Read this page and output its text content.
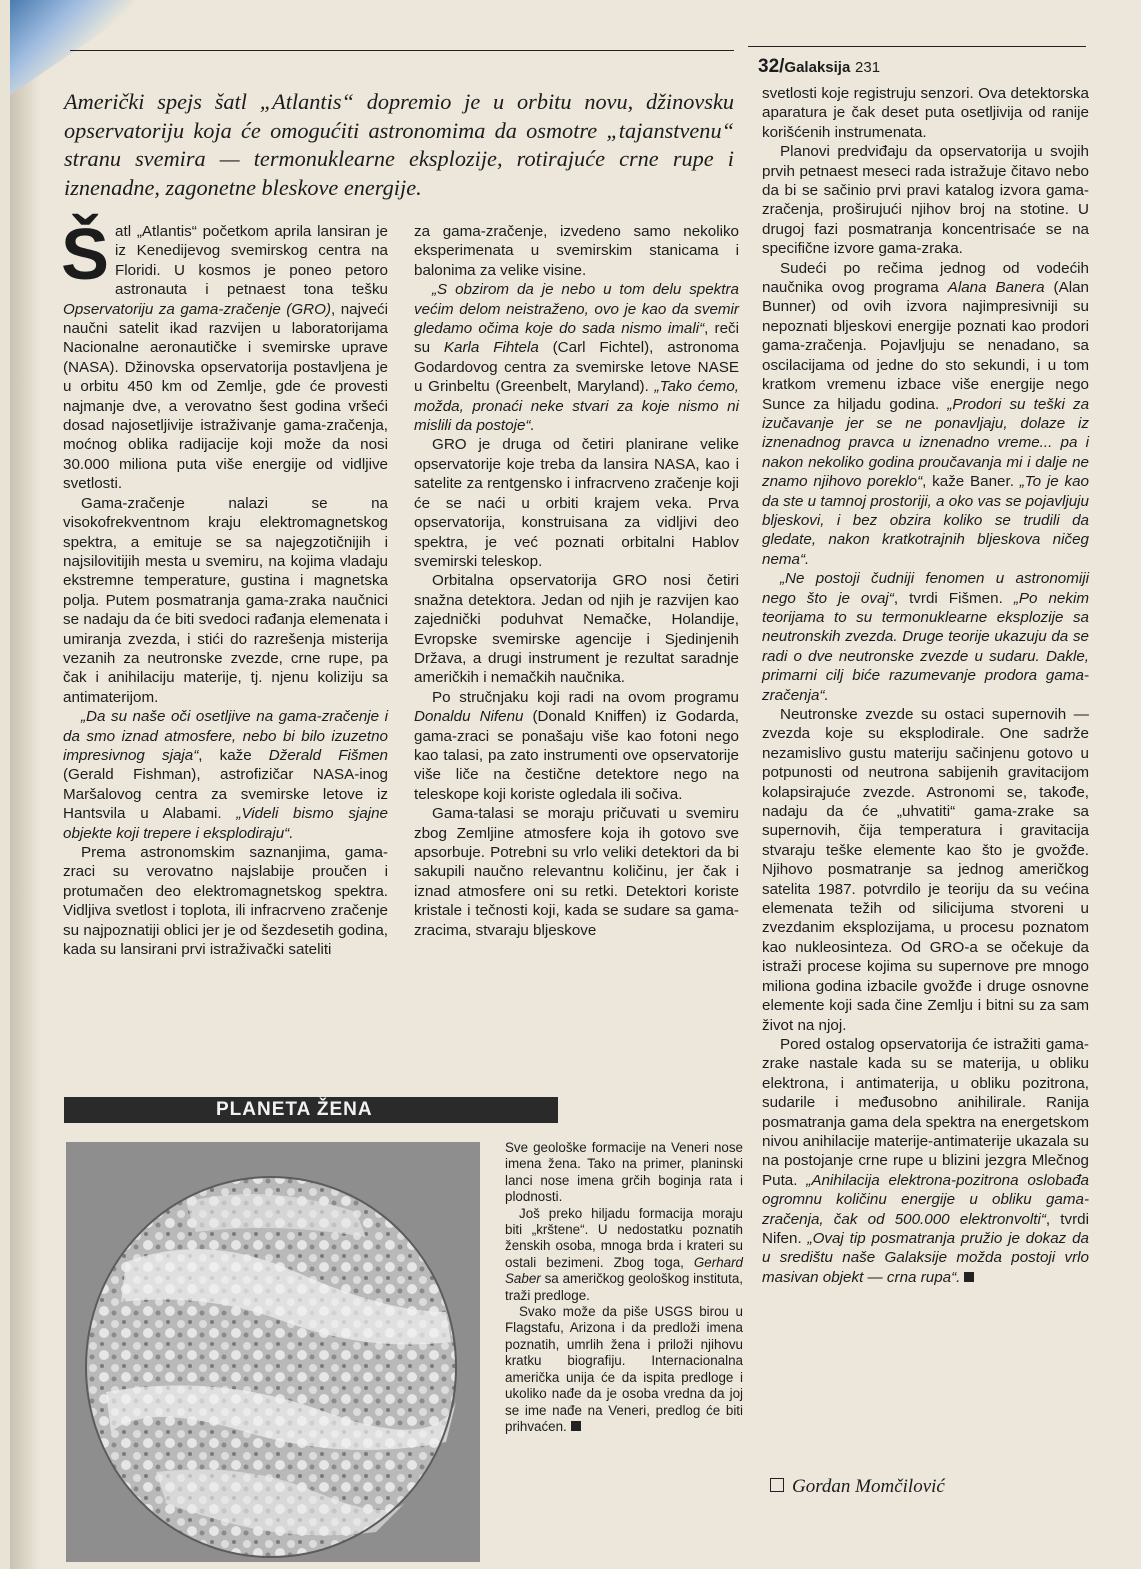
32/Galaksija 231
Američki spejs šatl „Atlantis“ dopremio je u orbitu novu, džinovsku opservatoriju koja će omogućiti astronomima da osmotre „tajanstvenu“ stranu svemira — termonuklearne eksplozije, rotirajuće crne rupe i iznenadne, zagonetne bleskove energije.

Šatl „Atlantis“ početkom aprila lansiran je iz Kenedijevog svemirskog centra na Floridi. U kosmos je poneo petoro astronauta i petnaest tona tešku Opservatoriju za gama-zračenje (GRO), najveći naučni satelit ikad razvijen u laboratorijama Nacionalne aeronautičke i svemirske uprave (NASA). Džinovska opservatorija postavljena je u orbitu 450 km od Zemlje, gde će provesti najmanje dve, a verovatno šest godina vršeći dosad najosetljivije istraživanje gama-zračenja, moćnog oblika radijacije koji može da nosi 30.000 miliona puta više energije od vidljive svetlosti.

Gama-zračenje nalazi se na visokofrekventnom kraju elektromagnetskog spektra, a emituje se sa najegzotičnijih i najsilovitijih mesta u svemiru, na kojima vladaju ekstremne temperature, gustina i magnetska polja. Putem posmatranja gama-zraka naučnici se nadaju da će biti svedoci rađanja elemenata i umiranja zvezda, i stići do razrešenja misterija vezanih za neutronske zvezde, crne rupe, pa čak i anihilaciju materije, tj. njenu koliziju sa antimaterijom.

„Da su naše oči osetljive na gama-zračenje i da smo iznad atmosfere, nebo bi bilo izuzetno impresivnog sjaja“, kaže Džerald Fišmen (Gerald Fishman), astrofizičar NASA-inog Maršalovog centra za svemirske letove iz Hantsvila u Alabami. „Videli bismo sjajne objekte koji trepere i eksplodiraju“.

Prema astronomskim saznanjima, gama-zraci su verovatno najslabije proučen i protumačen deo elektromagnetskog spektra. Vidljiva svetlost i toplota, ili infracrveno zračenje su najpoznatiji oblici jer je od šezdesetih godina, kada su lansirani prvi istraživački sateliti

za gama-zračenje, izvedeno samo nekoliko eksperimenata u svemirskim stanicama i balonima za velike visine.

„S obzirom da je nebo u tom delu spektra većim delom neistraženo, ovo je kao da svemir gledamo očima koje do sada nismo imali“, reči su Karla Fihtela (Carl Fichtel), astronoma Godardovog centra za svemirske letove NASE u Grinbeltu (Greenbelt, Maryland). „Tako ćemo, možda, pronaći neke stvari za koje nismo ni mislili da postoje“.

GRO je druga od četiri planirane velike opservatorije koje treba da lansira NASA, kao i satelite za rentgensko i infracrveno zračenje koji će se naći u orbiti krajem veka. Prva opservatorija, konstruisana za vidljivi deo spektra, je već poznati orbitalni Hablov svemirski teleskop.

Orbitalna opservatorija GRO nosi četiri snažna detektora. Jedan od njih je razvijen kao zajednički poduhvat Nemačke, Holandije, Evropske svemirske agencije i Sjedinjenih Država, a drugi instrument je rezultat saradnje američkih i nemačkih naučnika.

Po stručnjaku koji radi na ovom programu Donaldu Nifenu (Donald Kniffen) iz Godarda, gama-zraci se ponašaju više kao fotoni nego kao talasi, pa zato instrumenti ove opservatorije više liče na čestične detektore nego na teleskope koji koriste ogledala ili sočiva.

Gama-talasi se moraju pričuvati u svemiru zbog Zemljine atmosfere koja ih gotovo sve apsorbuje. Potrebni su vrlo veliki detektori da bi sakupili naučno relevantnu količinu, jer čak i iznad atmosfere oni su retki. Detektori koriste kristale i tečnosti koji, kada se sudare sa gama-zracima, stvaraju bljeskove

svetlosti koje registruju senzori. Ova detektorska aparatura je čak deset puta osetljivija od ranije korišćenih instrumenata.

Planovi predviđaju da opservatorija u svojih prvih petnaest meseci rada istražuje čitavo nebo da bi se sačinio prvi pravi katalog izvora gama-zračenja, proširujući njihov broj na stotine. U drugoj fazi posmatranja koncentrisaće se na specifične izvore gama-zraka.

Sudeći po rečima jednog od vodećih naučnika ovog programa Alana Banera (Alan Bunner) od ovih izvora najimpresivniji su nepoznati bljeskovi energije poznati kao prodori gama-zračenja. Pojavljuju se nenadano, sa oscilacijama od jedne do sto sekundi, i u tom kratkom vremenu izbace više energije nego Sunce za hiljadu godina. „Prodori su teški za izučavanje jer se ne ponavljaju, dolaze iz iznenadnog pravca u iznenadno vreme... pa i nakon nekoliko godina proučavanja mi i dalje ne znamo njihovo poreklo“, kaže Baner. „To je kao da ste u tamnoj prostoriji, a oko vas se pojavljuju bljeskovi, i bez obzira koliko se trudili da gledate, nakon kratkotrajnih bljeskova ničeg nema“.

„Ne postoji čudniji fenomen u astronomiji nego što je ovaj“, tvrdi Fišmen. „Po nekim teorijama to su termonuklearne eksplozije sa neutronskih zvezda. Druge teorije ukazuju da se radi o dve neutronske zvezde u sudaru. Dakle, primarni cilj biće razumevanje prodora gama-zračenja“.

Neutronske zvezde su ostaci supernovih — zvezda koje su eksplodirale. One sadrže nezamislivo gustu materiju sačinjenu gotovo u potpunosti od neutrona sabijenih gravitacijom kolapsirajuće zvezde. Astronomi se, takođe, nadaju da će „uhvatiti“ gama-zrake sa supernovih, čija temperatura i gravitacija stvaraju teške elemente kao što je gvožđe. Njihovo posmatranje sa jednog američkog satelita 1987. potvrdilo je teoriju da su većina elemenata težih od silicijuma stvoreni u zvezdanim eksplozijama, u procesu poznatom kao nukleosinteza. Od GRO-a se očekuje da istraži procese kojima su supernove pre mnogo miliona godina izbacile gvožđe i druge osnovne elemente koji sada čine Zemlju i bitni su za sam život na njoj.

Pored ostalog opservatorija će istražiti gama-zrake nastale kada su se materija, u obliku elektrona, i antimaterija, u obliku pozitrona, sudarile i međusobno anihilirale. Ranija posmatranja gama dela spektra na energetskom nivou anihilacije materije-antimaterije ukazala su na postojanje crne rupe u blizini jezgra Mlečnog Puta. „Anihilacija elektrona-pozitrona oslobađa ogromnu količinu energije u obliku gama-zračenja, čak od 500.000 elektronvolti“, tvrdi Nifen. „Ovaj tip posmatranja pružio je dokaz da u središtu naše Galaksije možda postoji vrlo masivan objekt — crna rupa“.

Gordan Momčilović
PLANETA ŽENA

Sve geološke formacije na Veneri nose imena žena. Tako na primer, planinski lanci nose imena grčih boginja rata i plodnosti.

Još preko hiljadu formacija moraju biti „krštene“. U nedostatku poznatih ženskih osoba, mnoga brda i krateri su ostali bezimeni. Zbog toga, Gerhard Saber sa američkog geološkog instituta, traži predloge.

Svako može da piše USGS birou u Flagstafu, Arizona i da predloži imena poznatih, umrlih žena i priloži njihovu kratku biografiju. Internacionalna američka unija će da ispita predloge i ukoliko nađe da je osoba vredna da joj se ime nađe na Veneri, predlog će biti prihvaćen.
